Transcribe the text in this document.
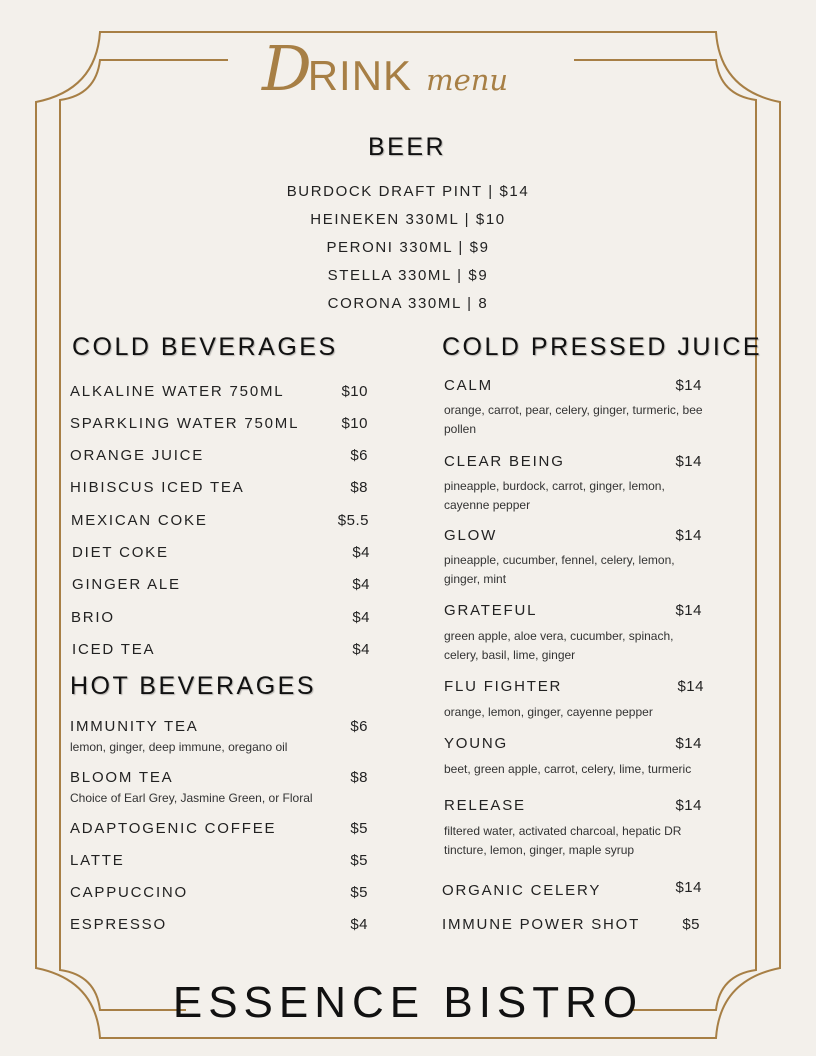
D
RINK menu
BEER
BURDOCK DRAFT PINT | $14
HEINEKEN 330ML | $10
PERONI 330ML | $9
STELLA 330ML | $9
CORONA 330ML | 8
COLD BEVERAGES
ALKALINE WATER 750ML	$10
SPARKLING WATER 750ML	$10
ORANGE JUICE	$6
HIBISCUS ICED TEA	$8
MEXICAN COKE	$5.5
DIET COKE	$4
GINGER ALE	$4
BRIO	$4
ICED TEA	$4
HOT BEVERAGES
IMMUNITY TEA	$6
lemon, ginger, deep immune, oregano oil
BLOOM TEA	$8
Choice of Earl Grey, Jasmine Green, or Floral
ADAPTOGENIC COFFEE	$5
LATTE	$5
CAPPUCCINO	$5
ESPRESSO	$4
COLD PRESSED JUICE
CALM	$14
orange, carrot, pear, celery, ginger, turmeric, bee pollen
CLEAR BEING	$14
pineapple, burdock, carrot, ginger, lemon, cayenne pepper
GLOW	$14
pineapple, cucumber, fennel, celery, lemon, ginger, mint
GRATEFUL	$14
green apple, aloe vera, cucumber, spinach, celery, basil, lime, ginger
FLU FIGHTER	$14
orange, lemon, ginger, cayenne pepper
YOUNG	$14
beet, green apple, carrot, celery, lime, turmeric
RELEASE	$14
filtered water, activated charcoal, hepatic DR tincture, lemon, ginger, maple syrup
ORGANIC CELERY	$14
IMMUNE POWER SHOT	$5
ESSENCE BISTRO
